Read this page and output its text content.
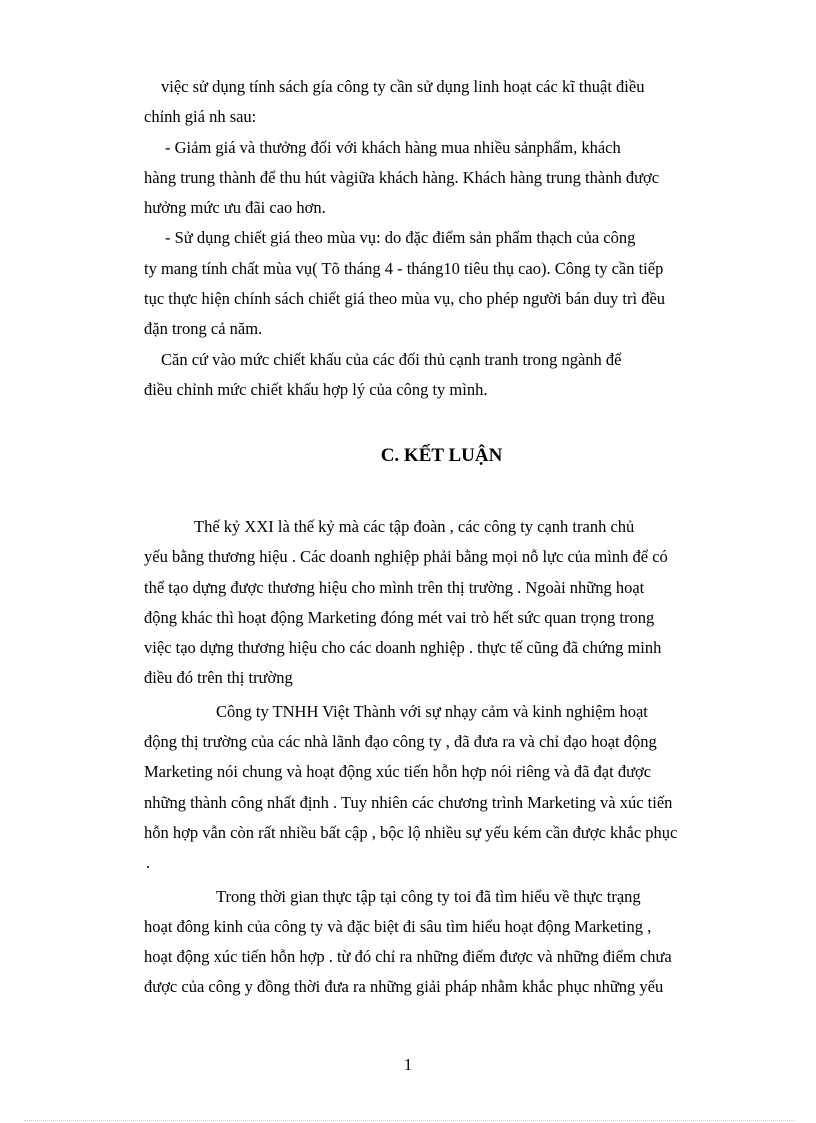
việc sử dụng tính sách gía công ty cần sử dụng linh hoạt các kĩ thuật điều
chỉnh giá nh sau:
- Giảm giá và thưởng đối với khách hàng mua nhiều sảnphẩm, khách
hàng trung thành để thu hút vàgiữa khách hàng. Khách hàng trung thành được
hưởng mức ưu đãi cao hơn.
- Sử dụng chiết giá theo mùa vụ: do đặc điểm sản phẩm thạch của công
ty mang tính chất mùa vụ( Tõ tháng 4 - tháng10 tiêu thụ cao). Công ty cần tiếp
tục thực hiện chính sách chiết giá theo mùa vụ, cho phép người bán duy trì đều
đặn trong cả năm.
Căn cứ vào mức chiết khấu của các đối thủ cạnh tranh trong ngành để
điều chỉnh mức chiết khấu hợp lý của công ty mình.
C. KẾT LUẬN
Thế kỷ XXI là thế kỷ mà các tập đoàn , các công ty cạnh tranh chủ
yếu bằng thương hiệu . Các doanh nghiệp phải bằng mọi nỗ lực của mình để có
thể tạo dựng được thương hiệu cho mình trên thị trường . Ngoài những hoạt
động khác thì hoạt động Marketing đóng mét vai trò hết sức quan trọng trong
việc tạo dựng thương hiệu cho các doanh nghiệp . thực tế cũng đã chứng minh
điều đó trên thị trường
Công ty TNHH Việt Thành với sự nhạy cảm và kinh nghiệm hoạt
động thị trường của các nhà lãnh đạo công ty , đã đưa ra và chỉ đạo hoạt động
Marketing nói chung và hoạt động xúc tiến hỗn hợp nói riêng và đã đạt được
những thành công nhất định . Tuy nhiên các chương trình Marketing và xúc tiến
hỗn hợp vẫn còn rất nhiều bất cập , bộc lộ nhiều sự yếu kém cần được khắc phục
.
Trong thời gian thực tập tại công ty toi đã tìm hiểu về thực trạng
hoạt đông kinh của công ty và đặc biệt đi sâu tìm hiểu hoạt động Marketing ,
hoạt động xúc tiến hỗn hợp . từ đó chỉ ra những điểm được và những điểm chưa
được của công y đồng thời đưa ra những giải pháp nhằm khắc phục những yếu
1
